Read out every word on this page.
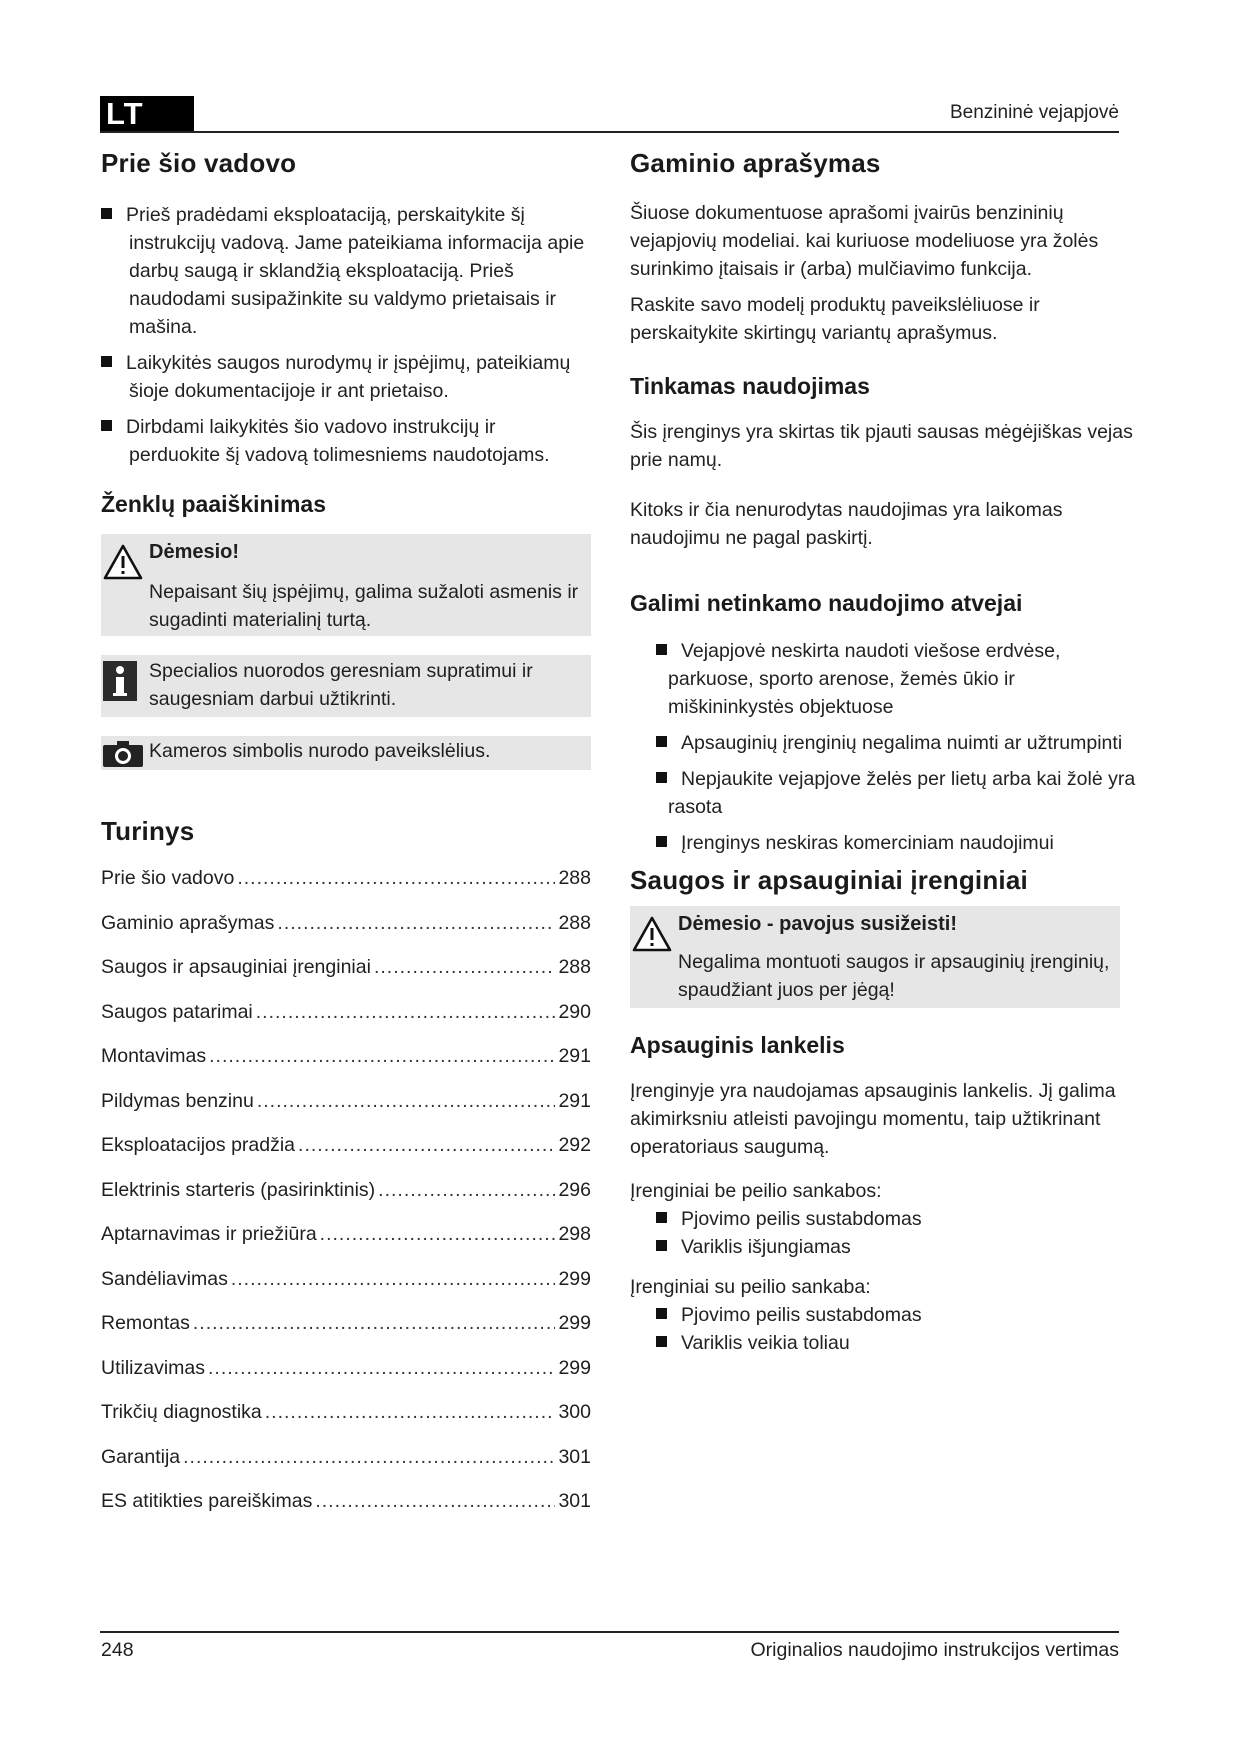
LT	Benzininė vejapjovė
Prie šio vadovo
Prieš pradėdami eksploataciją, perskaitykite šį instrukcijų vadovą. Jame pateikiama informacija apie darbų saugą ir sklandžią eksploataciją. Prieš naudodami susipažinkite su valdymo prietaisais ir mašina.
Laikykitės saugos nurodymų ir įspėjimų, pateikiamų šioje dokumentacijoje ir ant prietaiso.
Dirbdami laikykitės šio vadovo instrukcijų ir perduokite šį vadovą tolimesniems naudotojams.
Ženklų paaiškinimas
Dėmesio!
Nepaisant šių įspėjimų, galima sužaloti asmenis ir sugadinti materialinį turtą.
Specialios nuorodos geresniam supratimui ir saugesniam darbui užtikrinti.
Kameros simbolis nurodo paveikslėlius.
Turinys
Prie šio vadovo .....	288
Gaminio aprašymas .....	288
Saugos ir apsauginiai įrenginiai .....	288
Saugos patarimai .....	290
Montavimas .....	291
Pildymas benzinu .....	291
Eksploatacijos pradžia .....	292
Elektrinis starteris (pasirinktinis) .....	296
Aptarnavimas ir priežiūra .....	298
Sandėliavimas .....	299
Remontas .....	299
Utilizavimas .....	299
Trikčių diagnostika .....	300
Garantija .....	301
ES atitikties pareiškimas .....	301
Gaminio aprašymas

Šiuose dokumentuose aprašomi įvairūs benzininių vejapjovių modeliai. kai kuriuose modeliuose yra žolės surinkimo įtaisais ir (arba) mulčiavimo funkcija.

Raskite savo modelį produktų paveikslėliuose ir perskaitykite skirtingų variantų aprašymus.

Tinkamas naudojimas

Šis įrenginys yra skirtas tik pjauti sausas mėgėjiškas vejas prie namų.

Kitoks ir čia nenurodytas naudojimas yra laikomas naudojimu ne pagal paskirtį.

Galimi netinkamo naudojimo atvejai
Vejapjovė neskirta naudoti viešose erdvėse, parkuose, sporto arenose, žemės ūkio ir miškininkystės objektuose
Apsauginių įrenginių negalima nuimti ar užtrumpinti
Nepjaukite vejapjove želės per lietų arba kai žolė yra rasota
Įrenginys neskiras komerciniam naudojimui
Saugos ir apsauginiai įrenginiai
Dėmesio - pavojus susižeisti!
Negalima montuoti saugos ir apsauginių įrenginių, spaudžiant juos per jėgą!
Apsauginis lankelis

Įrenginyje yra naudojamas apsauginis lankelis. Jį galima akimirksniu atleisti pavojingu momentu, taip užtikrinant operatoriaus saugumą.

Įrenginiai be peilio sankabos:

Pjovimo peilis sustabdomas
Variklis išjungiamas

Įrenginiai su peilio sankaba:

Pjovimo peilis sustabdomas
Variklis veikia toliau
248	Originalios naudojimo instrukcijos vertimas
